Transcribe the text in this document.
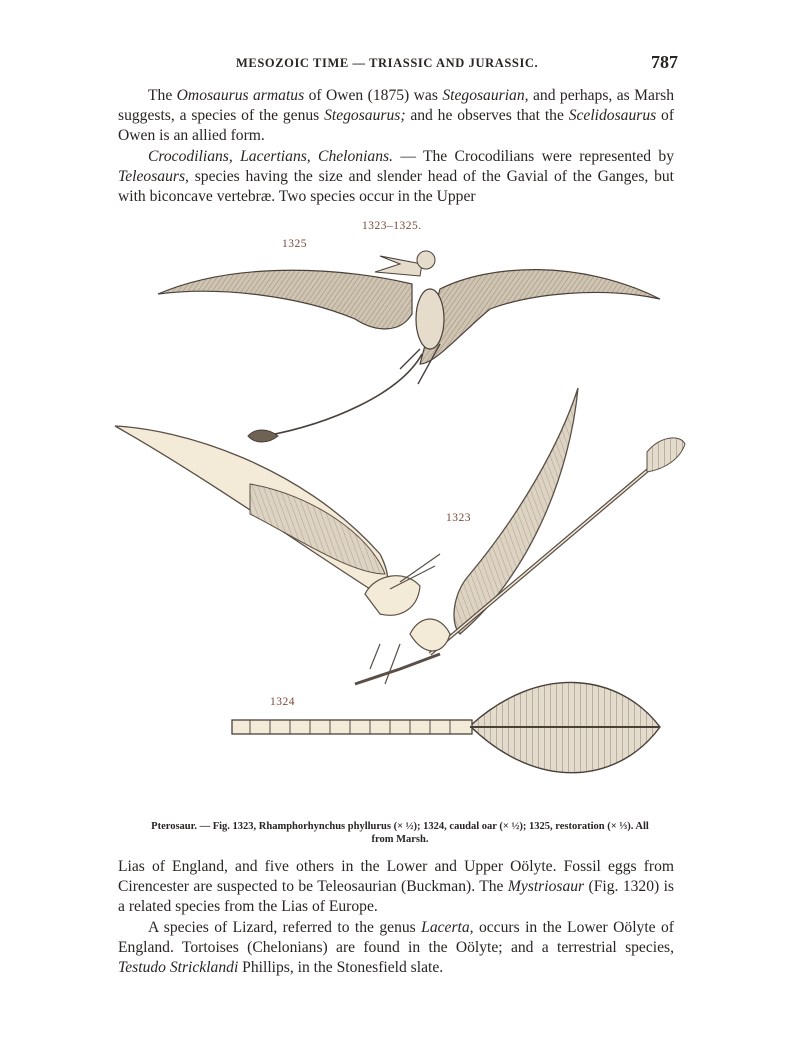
MESOZOIC TIME — TRIASSIC AND JURASSIC.	787

The Omosaurus armatus of Owen (1875) was Stegosaurian, and perhaps, as Marsh suggests, a species of the genus Stegosaurus; and he observes that the Scelidosaurus of Owen is an allied form.

Crocodilians, Lacertians, Chelonians. — The Crocodilians were represented by Teleosaurs, species having the size and slender head of the Gavial of the Ganges, but with biconcave vertebræ. Two species occur in the Upper

1323–1325.
1325
1323
1324
Pterosaur. — Fig. 1323, Rhamphorhynchus phyllurus (× ½); 1324, caudal oar (× ½); 1325, restoration (× ⅓). All
from Marsh.

Lias of England, and five others in the Lower and Upper Oölyte. Fossil eggs from Cirencester are suspected to be Teleosaurian (Buckman). The Mystriosaur (Fig. 1320) is a related species from the Lias of Europe.

A species of Lizard, referred to the genus Lacerta, occurs in the Lower Oölyte of England. Tortoises (Chelonians) are found in the Oölyte; and a terrestrial species, Testudo Stricklandi Phillips, in the Stonesfield slate.
